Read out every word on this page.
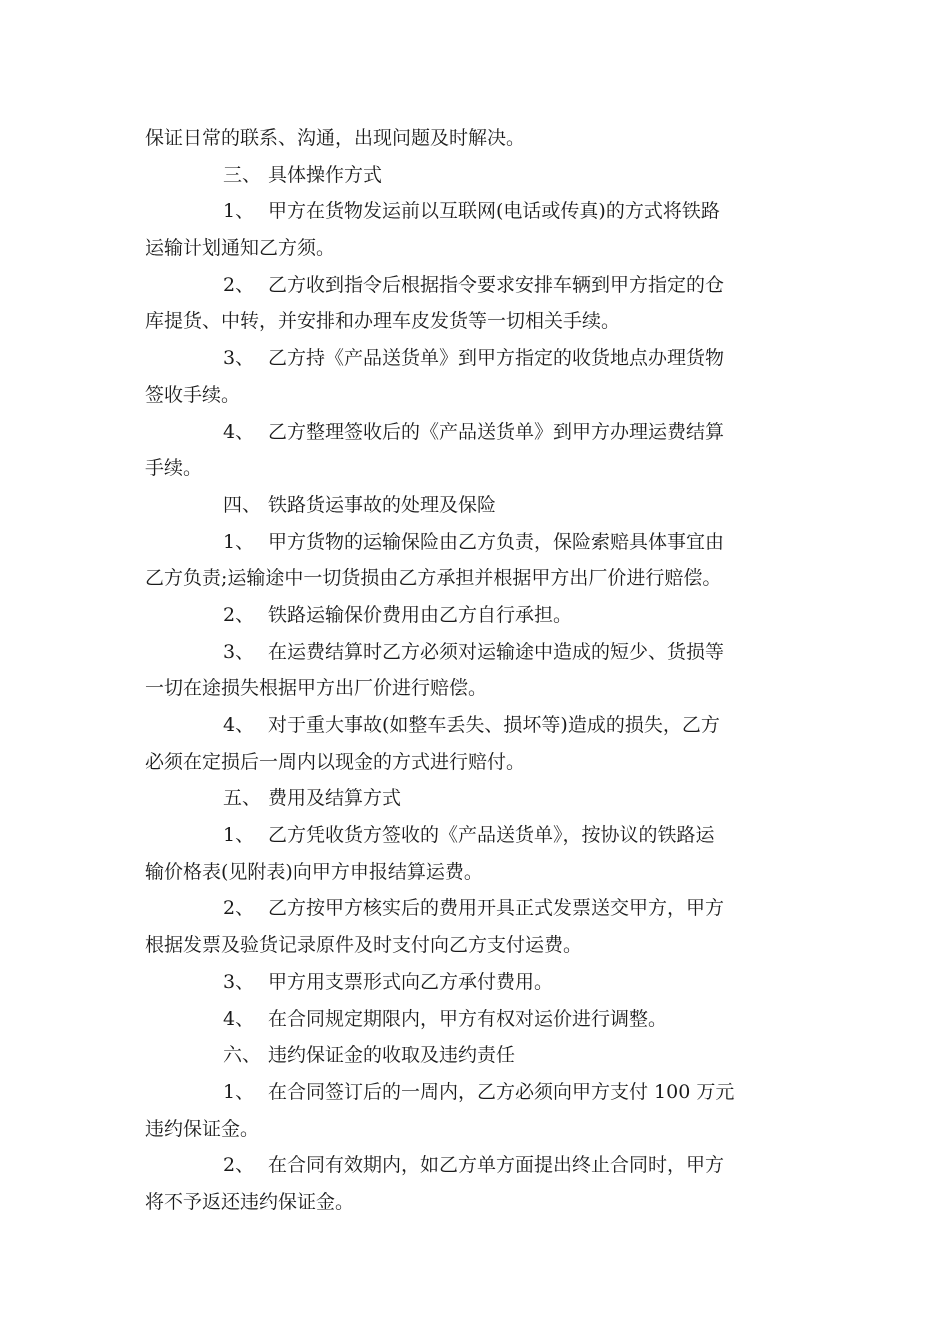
保证日常的联系、沟通，出现问题及时解决。
三、 具体操作方式
1、 甲方在货物发运前以互联网(电话或传真)的方式将铁路
运输计划通知乙方须。
2、 乙方收到指令后根据指令要求安排车辆到甲方指定的仓
库提货、中转，并安排和办理车皮发货等一切相关手续。
3、 乙方持《产品送货单》到甲方指定的收货地点办理货物
签收手续。
4、 乙方整理签收后的《产品送货单》到甲方办理运费结算
手续。
四、 铁路货运事故的处理及保险
1、 甲方货物的运输保险由乙方负责，保险索赔具体事宜由
乙方负责;运输途中一切货损由乙方承担并根据甲方出厂价进行赔偿。
2、 铁路运输保价费用由乙方自行承担。
3、 在运费结算时乙方必须对运输途中造成的短少、货损等
一切在途损失根据甲方出厂价进行赔偿。
4、 对于重大事故(如整车丢失、损坏等)造成的损失，乙方
必须在定损后一周内以现金的方式进行赔付。
五、 费用及结算方式
1、 乙方凭收货方签收的《产品送货单》，按协议的铁路运
输价格表(见附表)向甲方申报结算运费。
2、 乙方按甲方核实后的费用开具正式发票送交甲方，甲方
根据发票及验货记录原件及时支付向乙方支付运费。
3、 甲方用支票形式向乙方承付费用。
4、 在合同规定期限内，甲方有权对运价进行调整。
六、 违约保证金的收取及违约责任
1、 在合同签订后的一周内，乙方必须向甲方支付 100 万元
违约保证金。
2、 在合同有效期内，如乙方单方面提出终止合同时，甲方
将不予返还违约保证金。
